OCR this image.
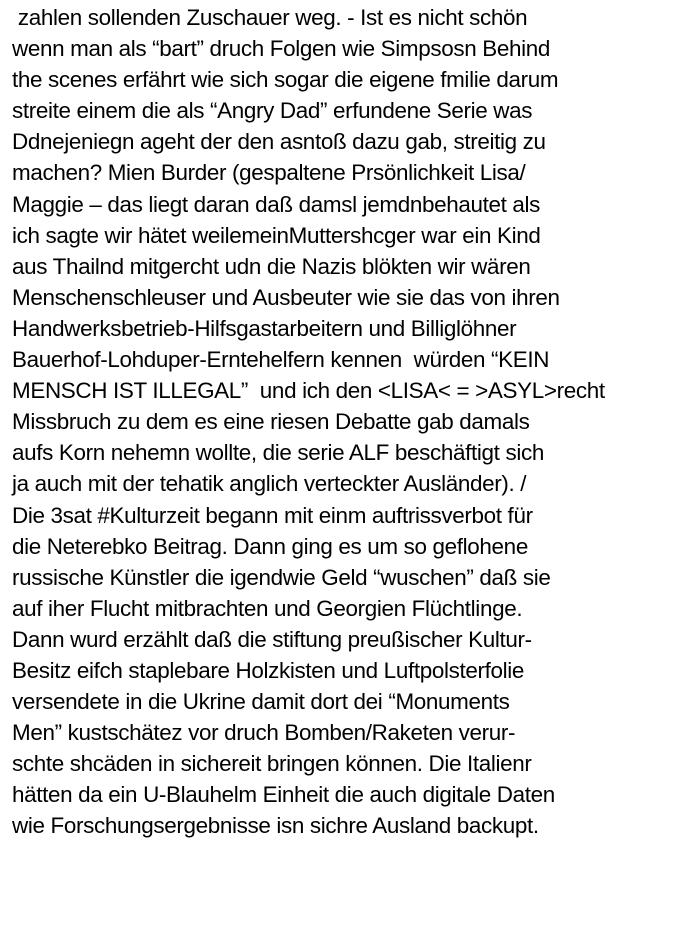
zahlen sollenden Zuschauer weg. - Ist es nicht schön
wenn man als “bart” druch Folgen wie Simpsosn Behind
the scenes erfährt wie sich sogar die eigene fmilie darum
streite einem die als “Angry Dad” erfundene Serie was
Ddnejeniegn ageht der den asntoß dazu gab, streitig zu
machen? Mien Burder (gespaltene Prsönlichkeit Lisa/
Maggie – das liegt daran daß damsl jemdnbehautet als
ich sagte wir hätet weilemeinMuttershcger war ein Kind
aus Thailnd mitgercht udn die Nazis blökten wir wären
Menschenschleuser und Ausbeuter wie sie das von ihren
Handwerksbetrieb-Hilfsgastarbeitern und Billiglöhner
Bauerhof-Lohduper-Erntehelfern kennen  würden “KEIN
MENSCH IST ILLEGAL”  und ich den <LISA< = >ASYL>recht
Missbruch zu dem es eine riesen Debatte gab damals
aufs Korn nehemn wollte, die serie ALF beschäftigt sich
ja auch mit der tehatik anglich verteckter Ausländer). /
Die 3sat #Kulturzeit begann mit einm auftrissverbot für
die Neterebko Beitrag. Dann ging es um so geflohene
russische Künstler die igendwie Geld “wuschen” daß sie
auf iher Flucht mitbrachten und Georgien Flüchtlinge.
Dann wurd erzählt daß die stiftung preußischer Kultur-
Besitz eifch staplebare Holzkisten und Luftpolsterfolie
versendete in die Ukrine damit dort dei “Monuments
Men” kustschätez vor druch Bomben/Raketen verur-
schte shcäden in sichereit bringen können. Die Italienr
hätten da ein U-Blauhelm Einheit die auch digitale Daten
wie Forschungsergebnisse isn sichre Ausland backupt.
